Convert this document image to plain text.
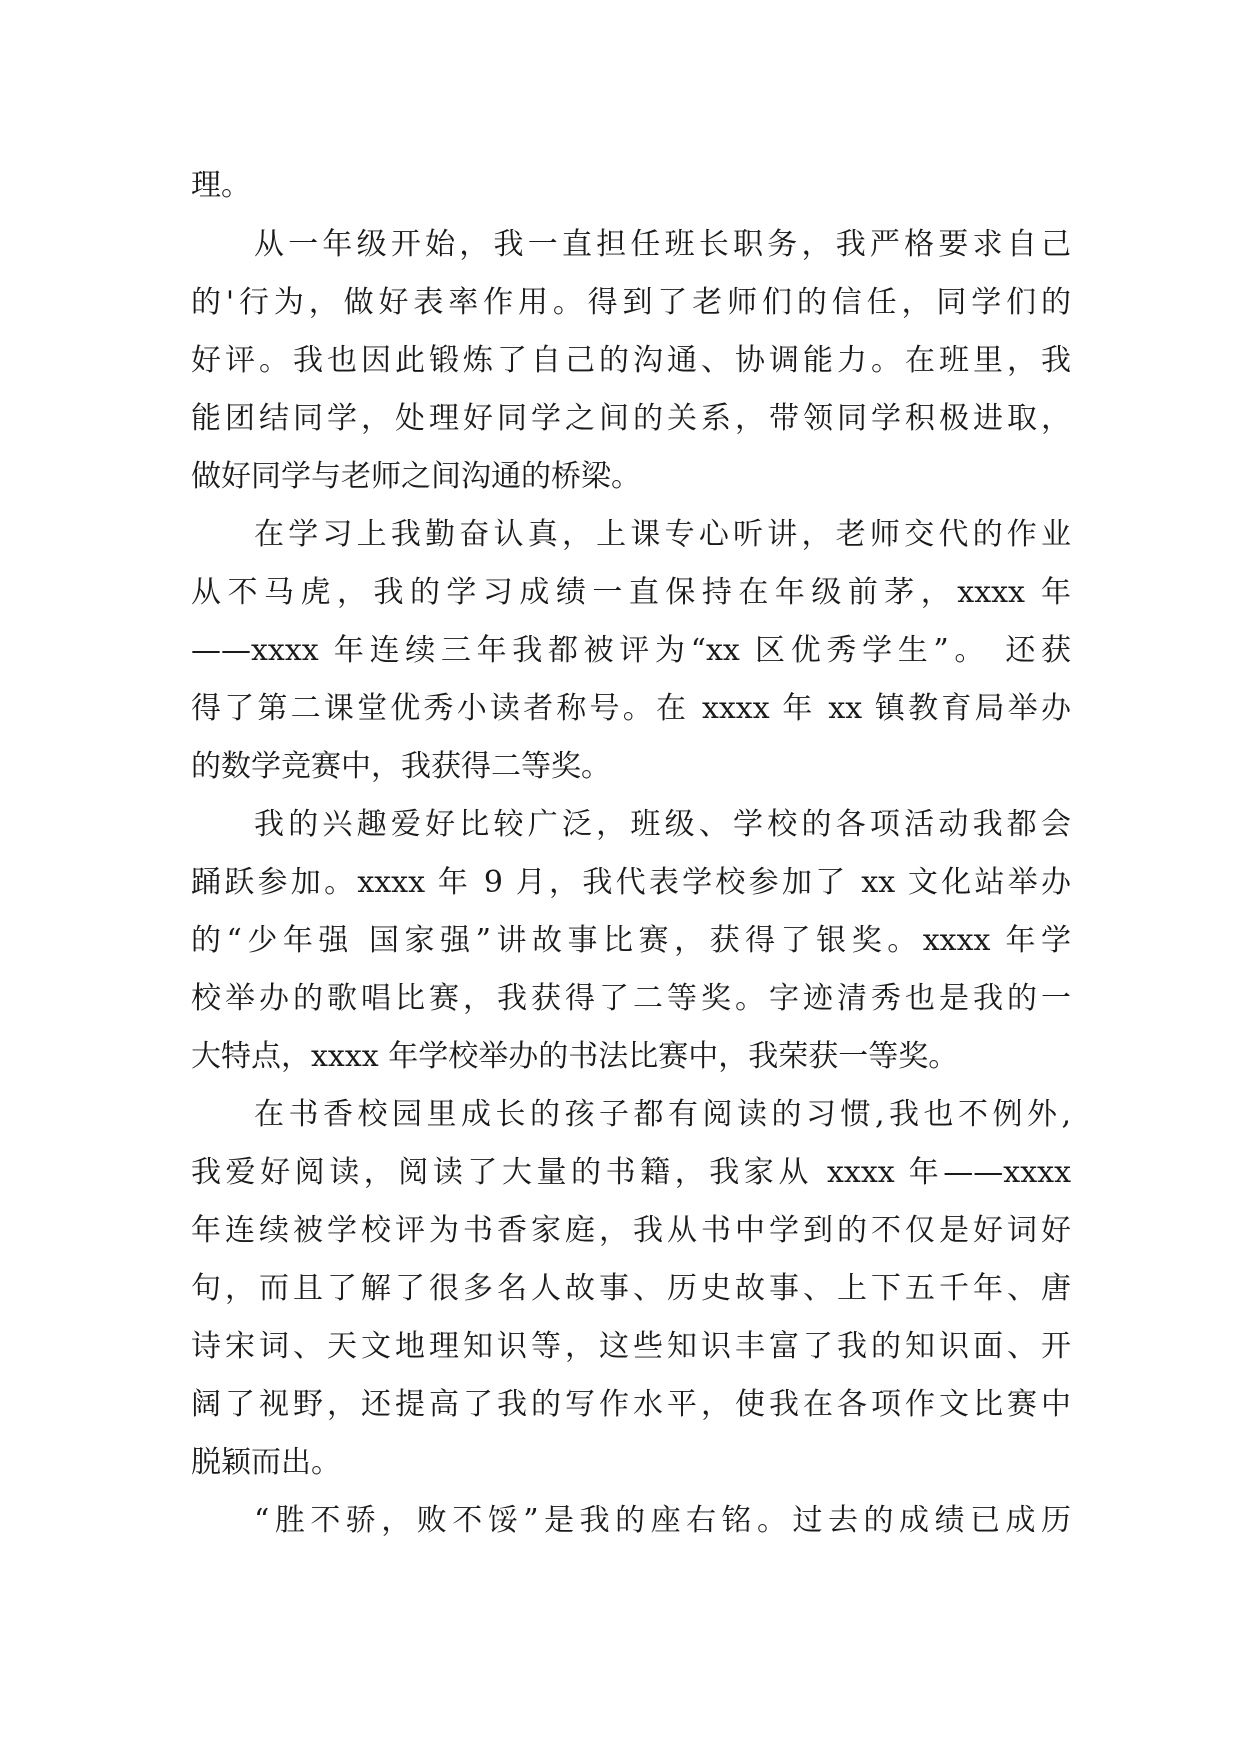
理。
从一年级开始，我一直担任班长职务，我严格要求自己
的'行为，做好表率作用。得到了老师们的信任，同学们的
好评。我也因此锻炼了自己的沟通、协调能力。在班里，我
能团结同学，处理好同学之间的关系，带领同学积极进取，
做好同学与老师之间沟通的桥梁。
在学习上我勤奋认真，上课专心听讲，老师交代的作业
从不马虎，我的学习成绩一直保持在年级前茅，xxxx 年
——xxxx 年连续三年我都被评为“xx 区优秀学生”。 还获
得了第二课堂优秀小读者称号。在 xxxx 年 xx 镇教育局举办
的数学竞赛中，我获得二等奖。
我的兴趣爱好比较广泛，班级、学校的各项活动我都会
踊跃参加。xxxx 年 9 月，我代表学校参加了 xx 文化站举办
的“少年强 国家强”讲故事比赛，获得了银奖。xxxx 年学
校举办的歌唱比赛，我获得了二等奖。字迹清秀也是我的一
大特点，xxxx 年学校举办的书法比赛中，我荣获一等奖。
在书香校园里成长的孩子都有阅读的习惯,我也不例外,
我爱好阅读，阅读了大量的书籍，我家从 xxxx 年——xxxx
年连续被学校评为书香家庭，我从书中学到的不仅是好词好
句，而且了解了很多名人故事、历史故事、上下五千年、唐
诗宋词、天文地理知识等，这些知识丰富了我的知识面、开
阔了视野，还提高了我的写作水平，使我在各项作文比赛中
脱颖而出。
“胜不骄，败不馁”是我的座右铭。过去的成绩已成历
